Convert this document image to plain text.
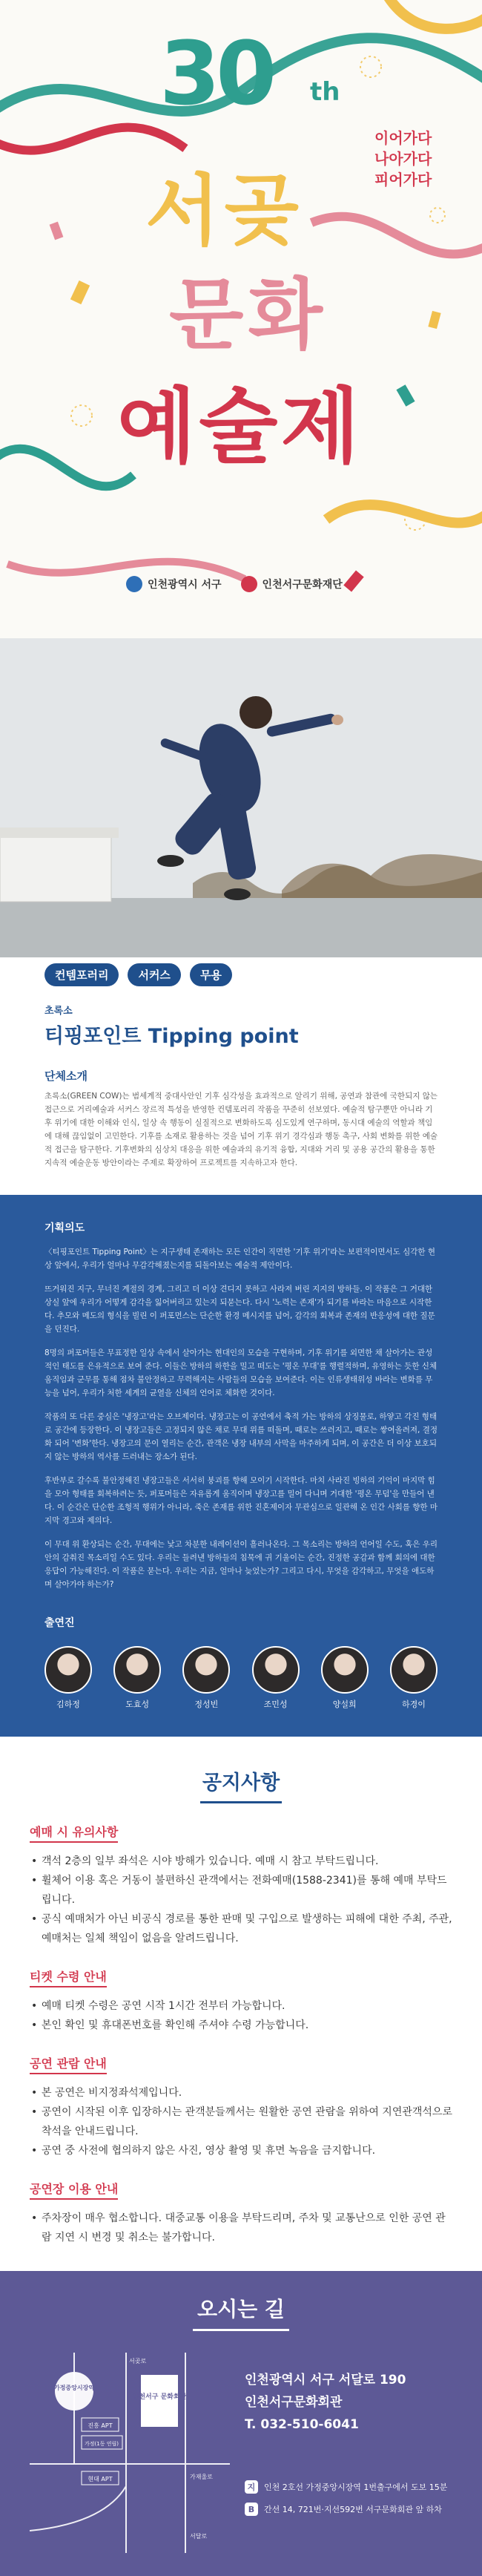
30 th
이어가다
나아가다
피어가다
서곶
문화
예술제
인천광역시 서구	인천서구문화재단
컨템포러리	서커스	무용
초록소
티핑포인트 Tipping point
단체소개

초록소(GREEN COW)는 범세계적 중대사안인 기후 심각성을 효과적으로 알리기 위해, 공연과 참관에 국한되지 않는 접근으로 거리예술과 서커스 장르적 특성을 반영한 컨템포러리 작품을 꾸준히 선보였다. 예술적 탐구뿐만 아니라 기후 위기에 대한 이해와 인식, 일상 속 행동이 실질적으로 변화하도록 심도있게 연구하며, 동시대 예술의 역할과 책임에 대해 끊임없이 고민한다. 기후를 소재로 활용하는 것을 넘어 기후 위기 경각심과 행동 촉구, 사회 변화를 위한 예술적 접근을 탐구한다. 기후변화의 심상치 대응을 위한 예술과의 유기적 융합, 지대와 거리 및 공용 공간의 활용을 통한 지속적 예술운동 방안이라는 주제로 확장하여 프로젝트를 지속하고자 한다.

기획의도

〈티핑포인트 Tipping Point〉는 지구생태 존재하는 모든 인간이 직면한 '기후 위기'라는 보편적이면서도 심각한 현상 앞에서, 우리가 얼마나 무감각해졌는지를 되돌아보는 예술적 제안이다.

뜨거워진 지구, 무너진 계절의 경계, 그리고 더 이상 견디지 못하고 사라져 버린 지지의 방하들. 이 작품은 그 거대한 상실 앞에 우리가 어떻게 감각을 잃어버리고 있는지 되묻는다. 다시 '노력는 존재'가 되기를 바라는 마음으로 시작한다. 추모와 메도의 형식을 빌린 이 퍼포먼스는 단순한 환경 메시지를 넘어, 감각의 회복과 존재의 반응성에 대한 질문을 던진다.

8명의 퍼포머들은 무표정한 일상 속에서 살아가는 현대인의 모습을 구현하며, 기후 위기를 외면한 채 살아가는 관성적인 태도를 은유적으로 보여 준다. 이들은 방하의 하한을 밀고 떠도는 '평온 무대'를 행렬적하며, 유영하는 듯한 신체 움직임과 군무를 통해 점차 불안정하고 무력해지는 사람들의 모습을 보여준다. 이는 인류생태위성 바라는 변화를 무능을 넘어, 우리가 처한 세계의 균열을 신체의 언어로 체화한 것이다.

작품의 또 다른 중심은 '냉장고'라는 오브제이다. 냉장고는 이 공연에서 축적 가는 방하의 상징물로, 하얗고 각진 형태로 공간에 등장한다. 이 냉장고들은 고정되지 않은 채로 무대 위를 떠돌며, 때로는 쓰러지고, 때로는 쌓여올려져, 결정화 되어 '변화'한다. 냉장고의 문이 열리는 순간, 관객은 냉장 내부의 사막을 마주하게 되며, 이 공간은 더 이상 보호되지 않는 방하의 역사를 드러내는 장소가 된다.

후반부로 갈수록 불안정해진 냉장고들은 서서히 붕괴를 향해 모이기 시작한다. 마치 사라진 빙하의 기억이 마지막 힘을 모아 형태를 회복하려는 듯, 퍼포머들은 자유롭게 움직이며 냉장고를 밀어 다니며 거대한 '평온 무덤'을 만들어 낸다. 이 순간은 단순한 조형적 행위가 아니라, 죽은 존재를 위한 진혼제이자 무관심으로 일관해 온 인간 사회를 향한 마지막 경고와 제의다.

이 무대 위 환상되는 순간, 무대에는 낯고 차분한 내레이션이 흘러나온다. 그 목소리는 방하의 언어일 수도, 혹은 우리 안의 감춰진 목소리일 수도 있다. 우리는 들려낸 방하들의 침묵에 귀 기울이는 순간, 진정한 공감과 함께 회의에 대한 응답이 가능해진다. 이 작품은 묻는다. 우리는 지금, 얼마나 늦었는가? 그리고 다시, 무엇을 감각하고, 무엇을 애도하며 살아가야 하는가?

출연진
김하정	도효성	정성빈	조민성	양설희	하경이
공지사항
예매 시 유의사항
• 객석 2층의 일부 좌석은 시야 방해가 있습니다. 예매 시 참고 부탁드립니다.
• 휠체어 이용 혹은 거동이 불편하신 관객에서는 전화예매(1588-2341)를 통해 예매 부탁드립니다.
• 공식 예매처가 아닌 비공식 경로를 통한 판매 및 구입으로 발생하는 피해에 대한 주최, 주관, 예매처는 일체 책임이 없음을 알려드립니다.
티켓 수령 안내
• 예매 티켓 수령은 공연 시작 1시간 전부터 가능합니다.
• 본인 확인 및 휴대폰번호를 확인해 주셔야 수령 가능합니다.
공연 관람 안내
• 본 공연은 비지정좌석제입니다.
• 공연이 시작된 이후 입장하시는 관객분들께서는 원활한 공연 관람을 위하여 지연관객석으로 착석을 안내드립니다.
• 공연 중 사전에 협의하지 않은 사진, 영상 촬영 및 휴면 녹음을 금지합니다.
공연장 이용 안내
• 주차장이 매우 협소합니다. 대중교통 이용을 부탁드리며, 주차 및 교통난으로 인한 공연 관람 지연 시 변경 및 취소는 불가합니다.
오시는 길
가정중앙시장역
진흥 APT
가정(1동 연립)
현대 APT
인천서구 문화회관
서곶로
가재울로
서달로
인천광역시 서구 서달로 190
인천서구문화회관
T. 032-510-6041
지	인천 2호선 가정중앙시장역 1번출구에서 도보 15분
B	간선 14, 721번·지선592번 서구문화회관 앞 하차
